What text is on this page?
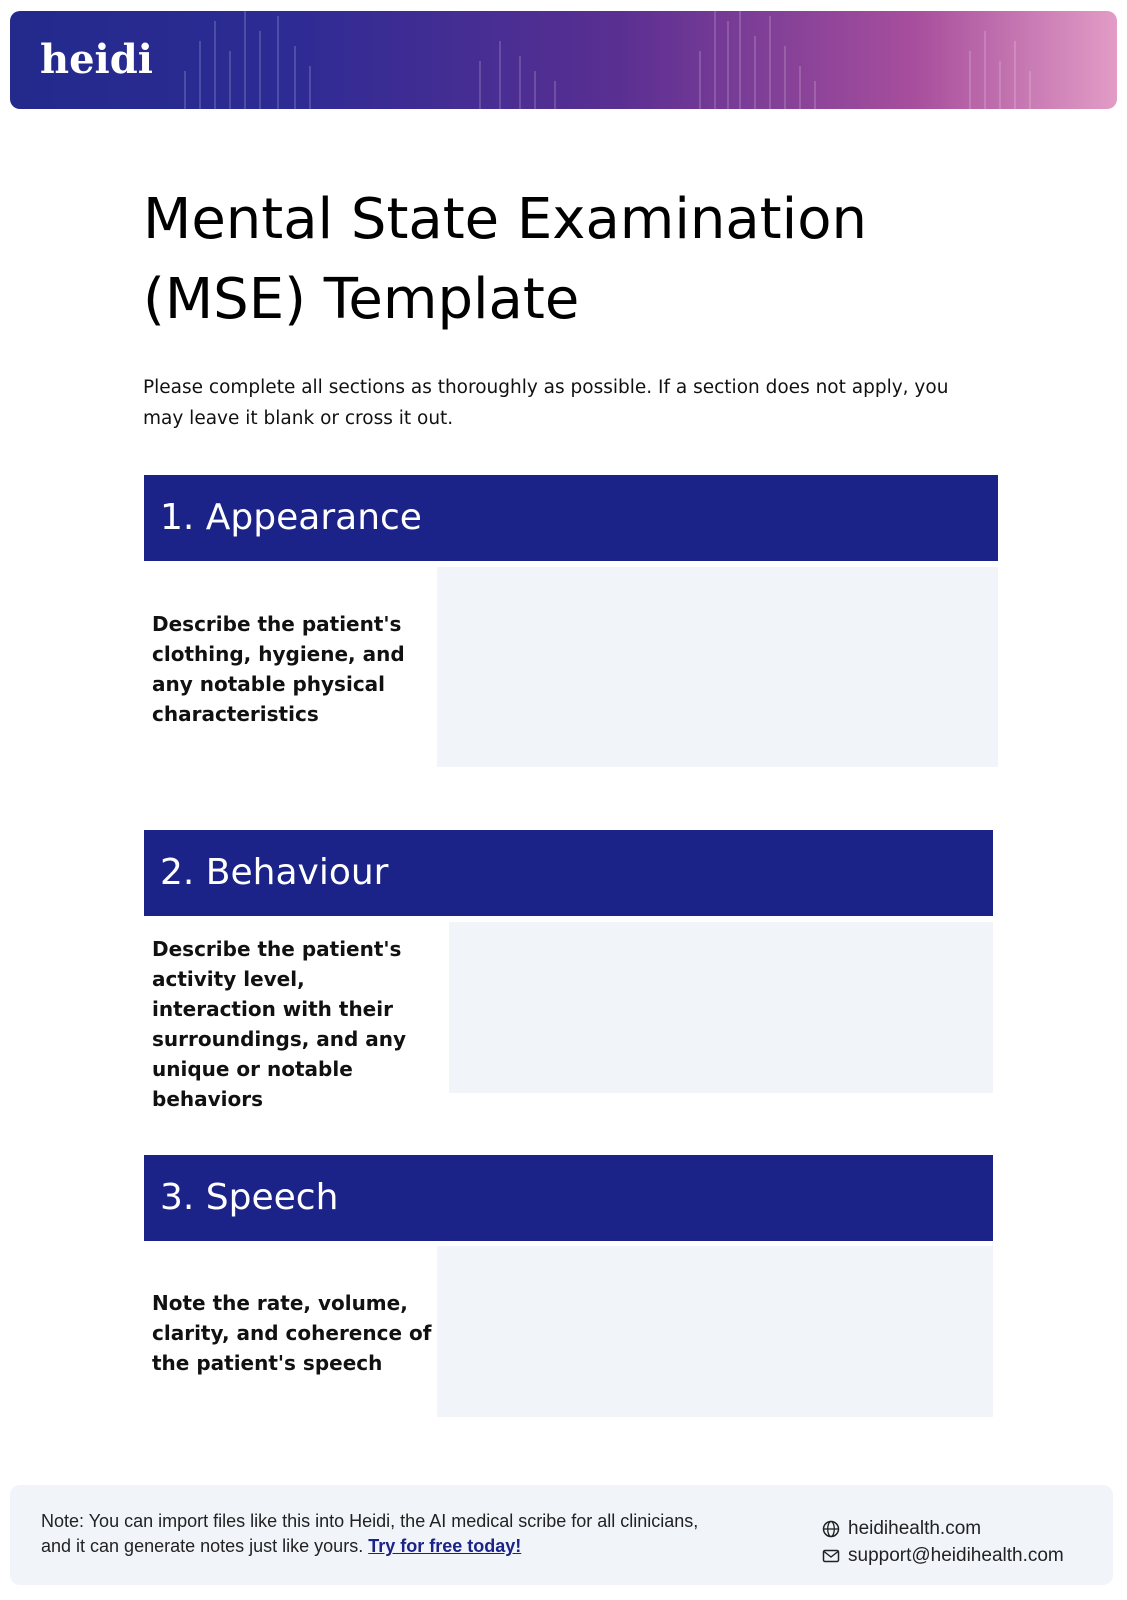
heidi
Mental State Examination (MSE) Template

Please complete all sections as thoroughly as possible. If a section does not apply, you may leave it blank or cross it out.

1. Appearance

Describe the patient's clothing, hygiene, and any notable physical characteristics

2. Behaviour

Describe the patient's activity level, interaction with their surroundings, and any unique or notable behaviors

3. Speech

Note the rate, volume, clarity, and coherence of the patient's speech

Note: You can import files like this into Heidi, the AI medical scribe for all clinicians, and it can generate notes just like yours. Try for free today!

heidihealth.com
support@heidihealth.com
